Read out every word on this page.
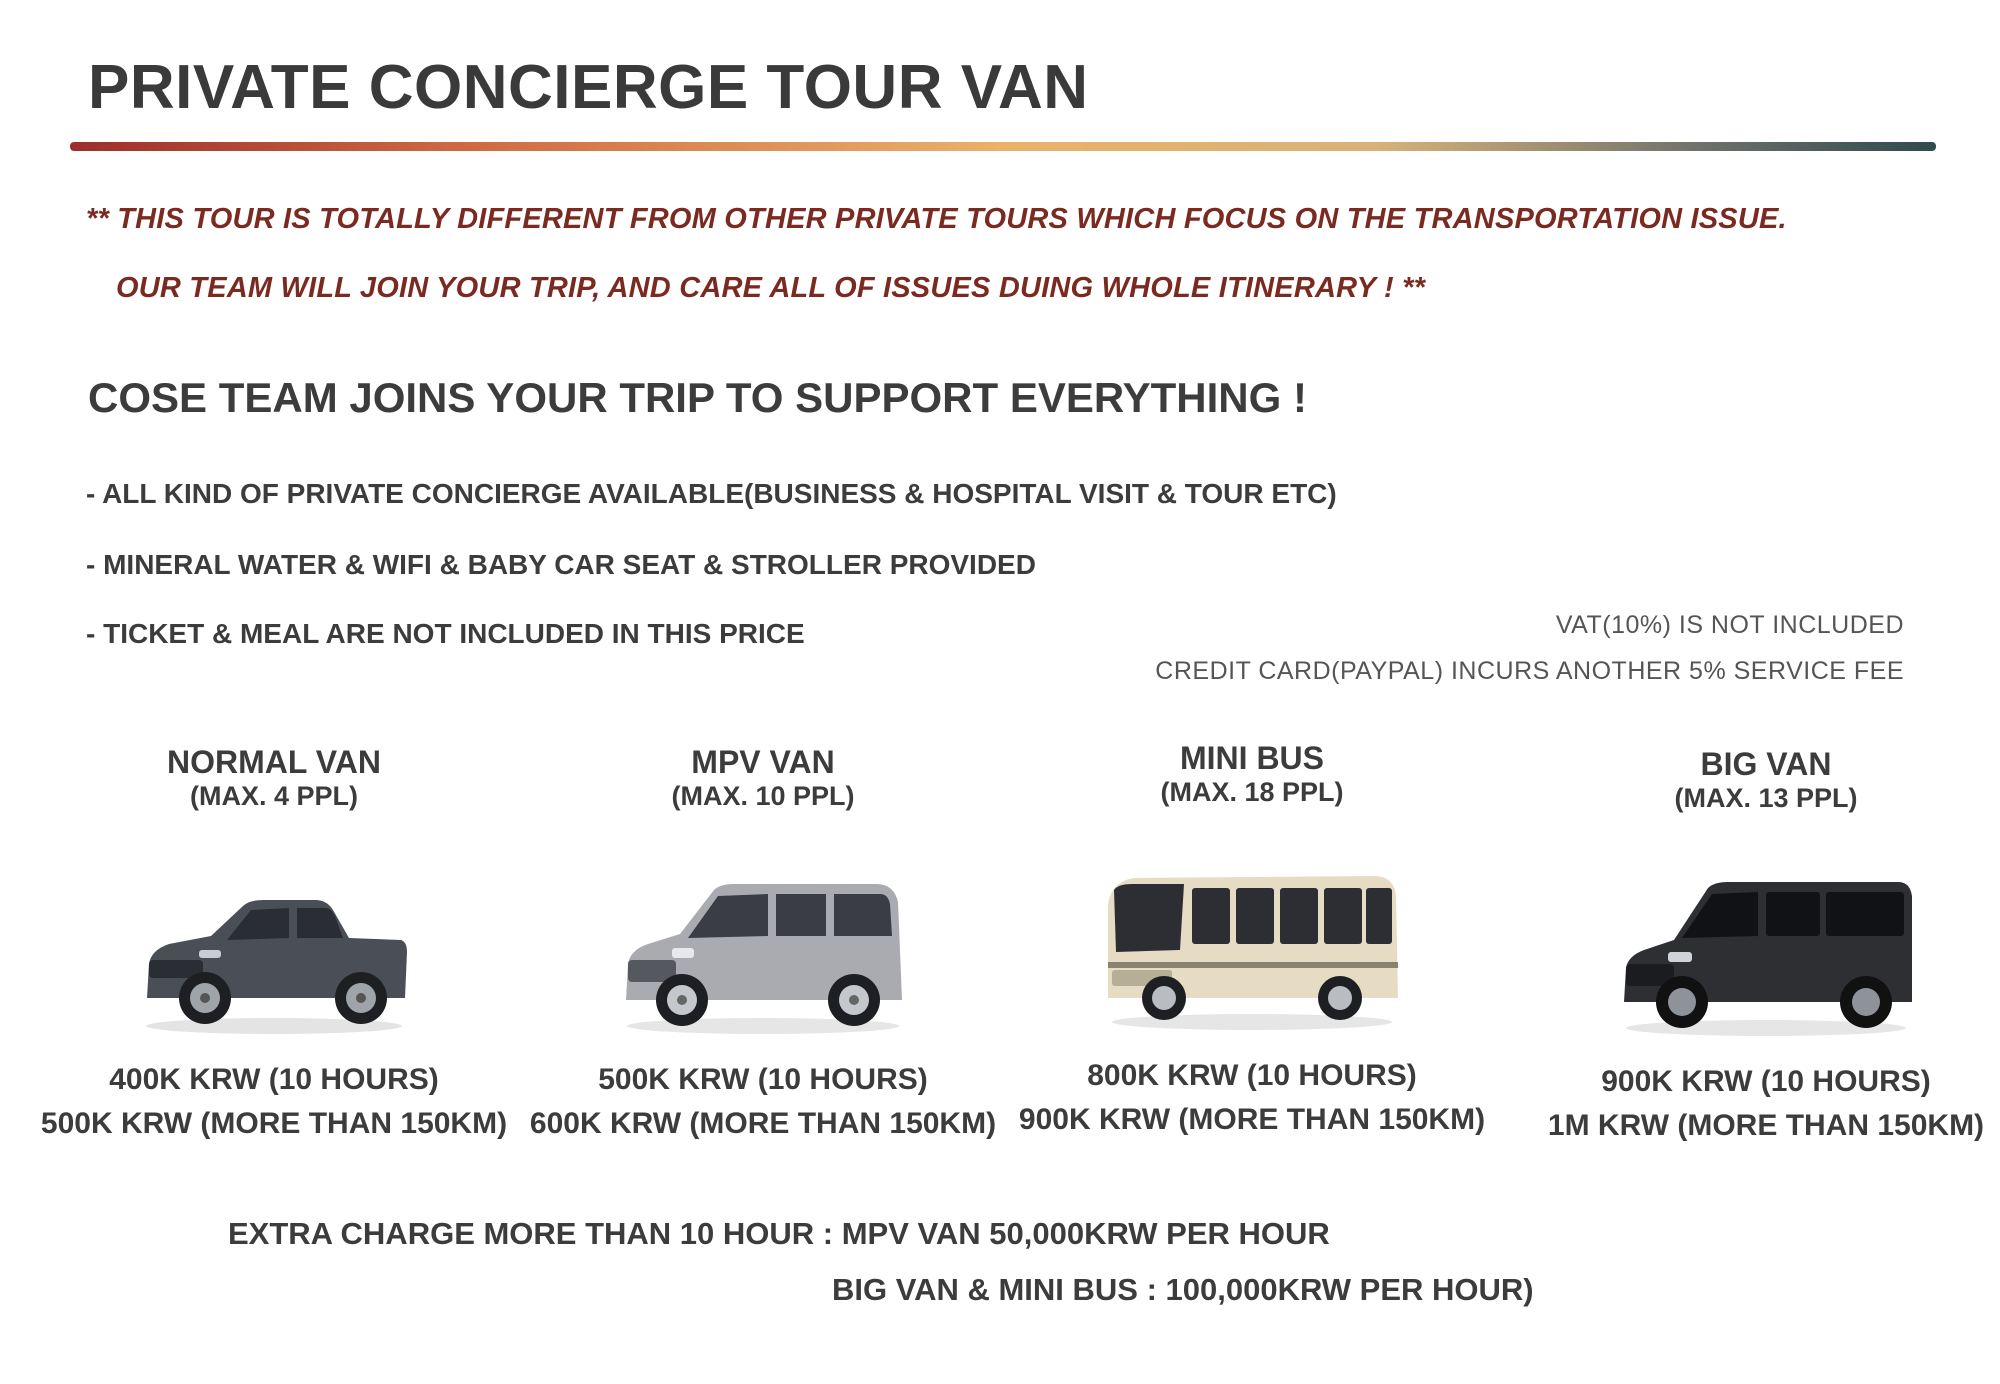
PRIVATE CONCIERGE TOUR VAN
** THIS TOUR IS TOTALLY DIFFERENT FROM OTHER PRIVATE TOURS WHICH FOCUS ON THE TRANSPORTATION ISSUE.
OUR TEAM WILL JOIN YOUR TRIP, AND CARE ALL OF ISSUES DUING WHOLE ITINERARY ! **
COSE TEAM JOINS YOUR TRIP TO SUPPORT EVERYTHING !
- ALL KIND OF PRIVATE CONCIERGE AVAILABLE(BUSINESS & HOSPITAL VISIT & TOUR ETC)
- MINERAL WATER & WIFI & BABY CAR SEAT & STROLLER PROVIDED
- TICKET & MEAL ARE NOT INCLUDED IN THIS PRICE	VAT(10%) IS NOT INCLUDED
CREDIT CARD(PAYPAL) INCURS ANOTHER 5% SERVICE FEE
NORMAL VAN
(MAX. 4 PPL)
400K KRW (10 HOURS)
500K KRW (MORE THAN 150KM)
MPV VAN
(MAX. 10 PPL)
500K KRW (10 HOURS)
600K KRW (MORE THAN 150KM)
MINI BUS
(MAX. 18 PPL)
800K KRW (10 HOURS)
900K KRW (MORE THAN 150KM)
BIG VAN
(MAX. 13 PPL)
900K KRW (10 HOURS)
1M KRW (MORE THAN 150KM)
EXTRA CHARGE MORE THAN 10 HOUR : MPV VAN 50,000KRW PER HOUR
BIG VAN & MINI BUS : 100,000KRW PER HOUR)
